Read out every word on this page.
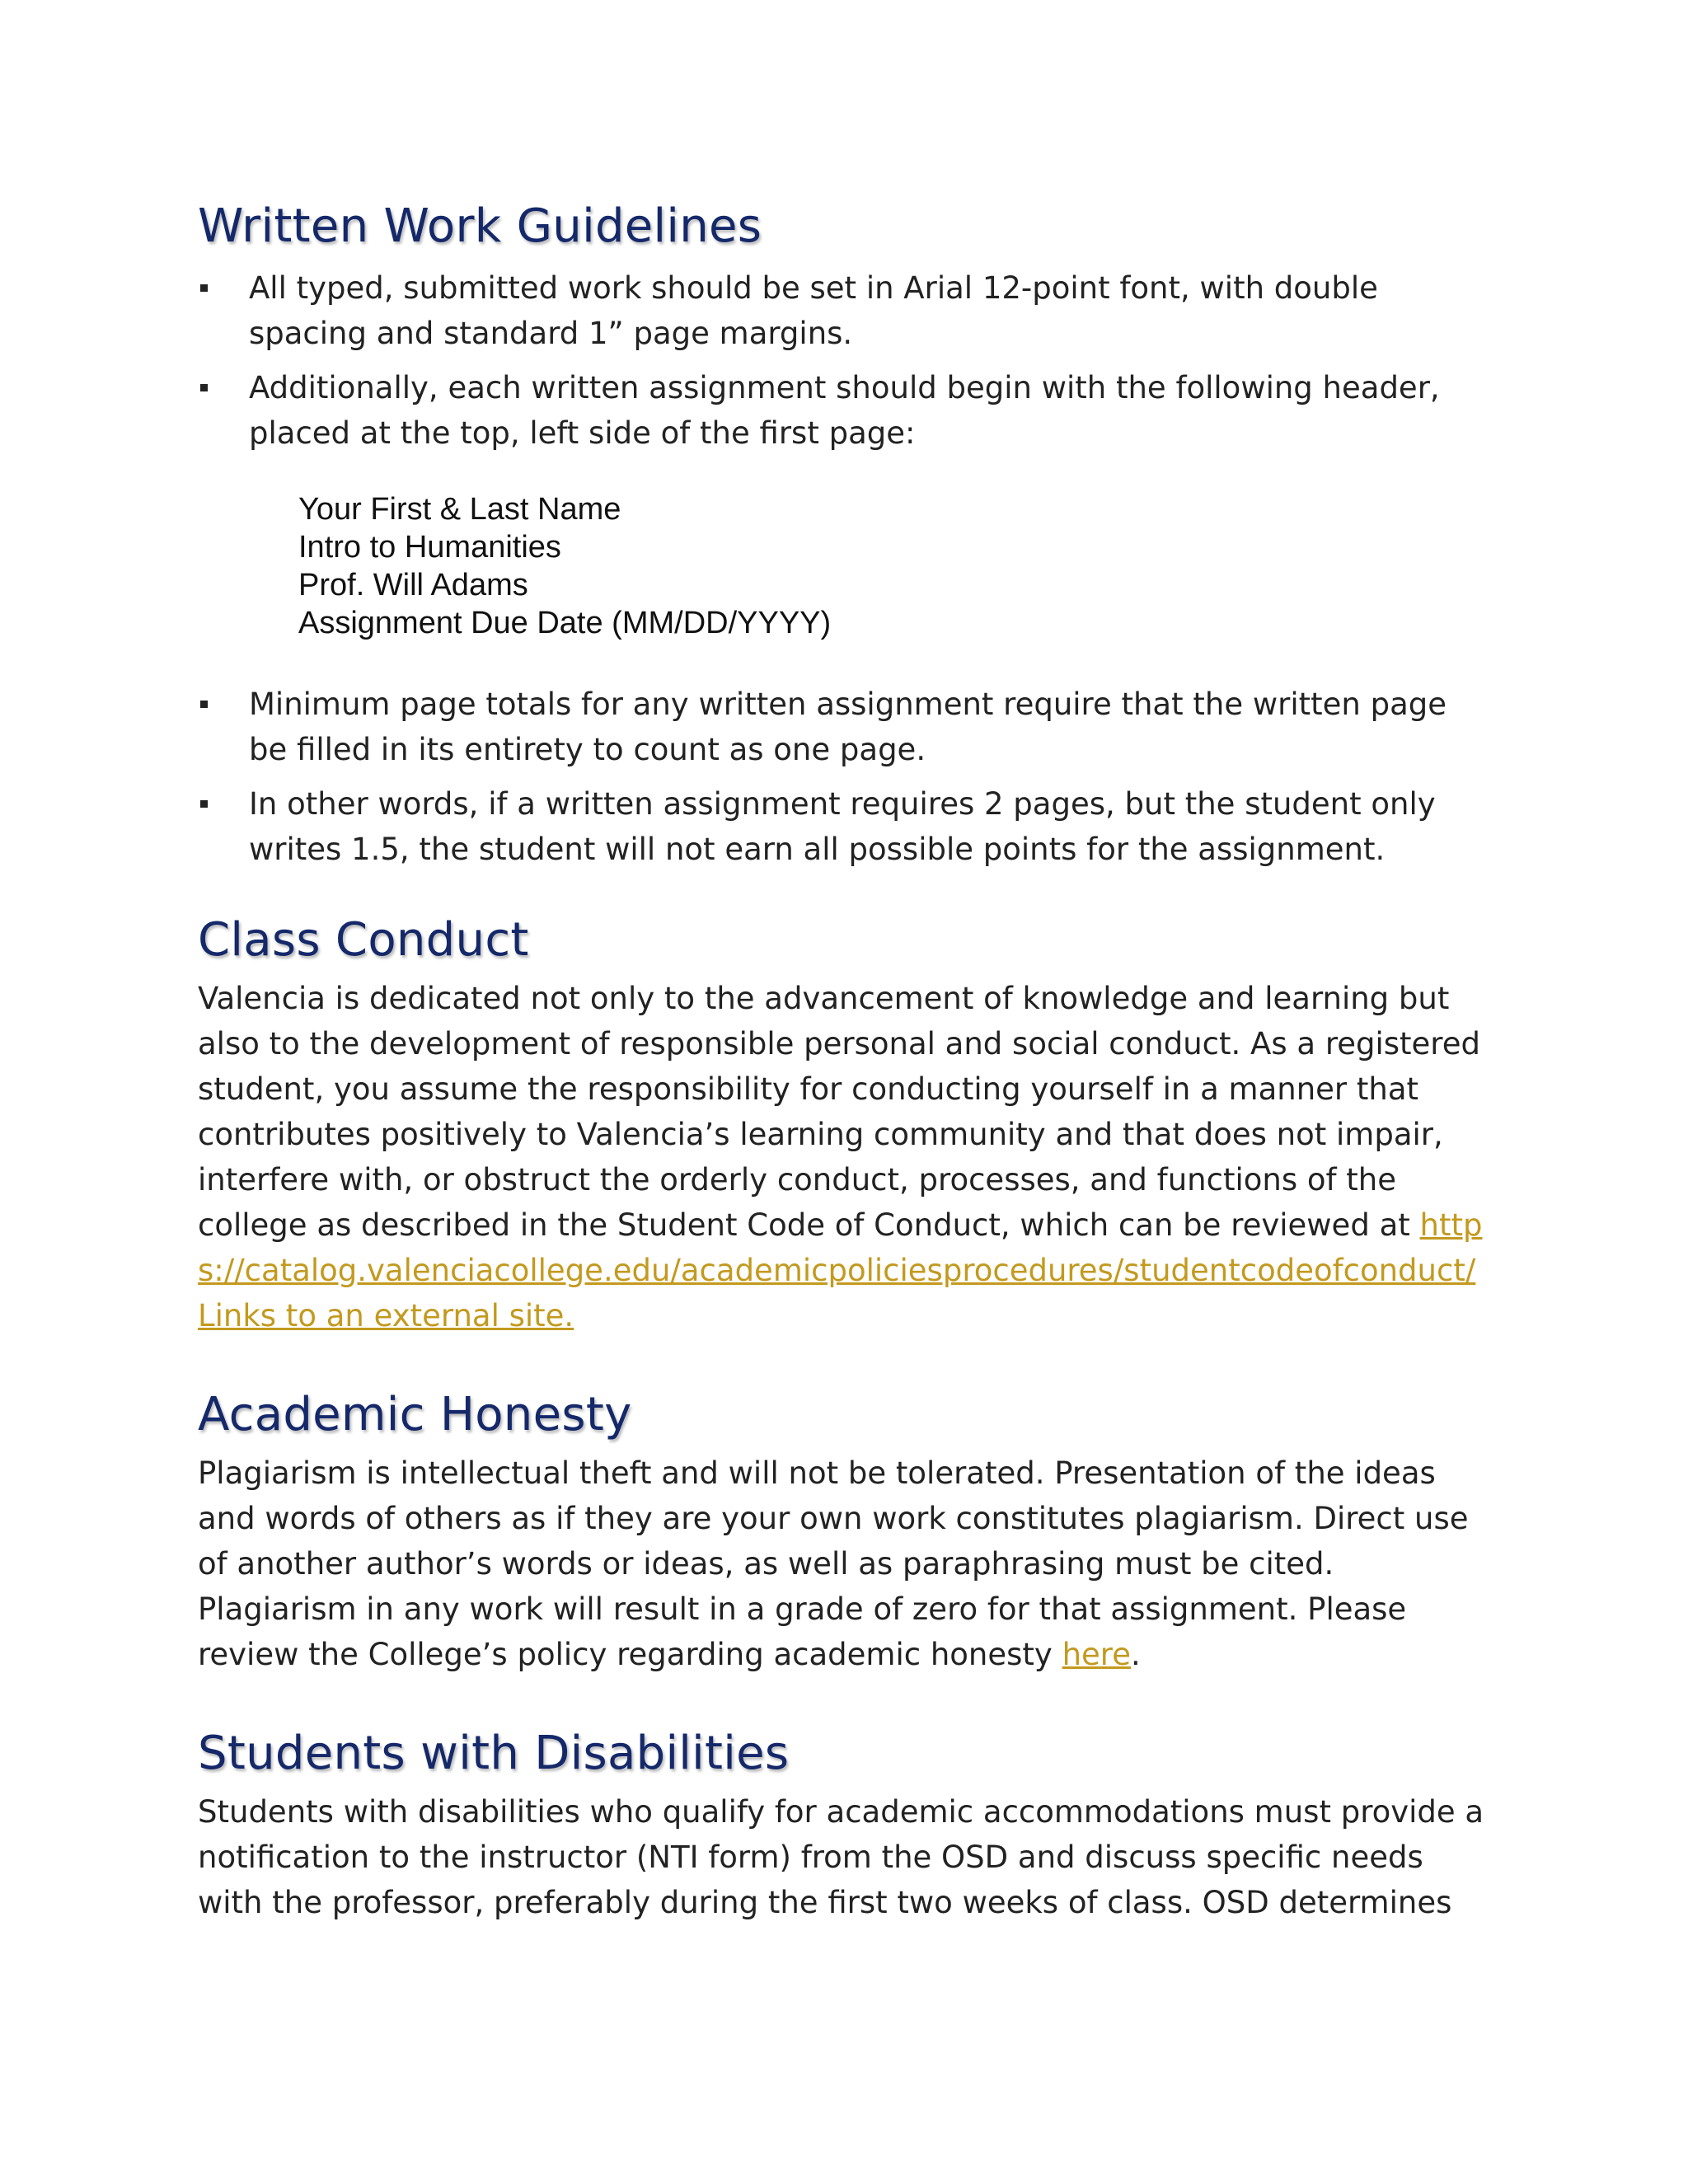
Written Work Guidelines
All typed, submitted work should be set in Arial 12-point font, with double spacing and standard 1” page margins.
Additionally, each written assignment should begin with the following header, placed at the top, left side of the first page:
Your First & Last Name
Intro to Humanities
Prof. Will Adams
Assignment Due Date (MM/DD/YYYY)
Minimum page totals for any written assignment require that the written page be filled in its entirety to count as one page.
In other words, if a written assignment requires 2 pages, but the student only writes 1.5, the student will not earn all possible points for the assignment.
Class Conduct

Valencia is dedicated not only to the advancement of knowledge and learning but also to the development of responsible personal and social conduct. As a registered student, you assume the responsibility for conducting yourself in a manner that contributes positively to Valencia’s learning community and that does not impair, interfere with, or obstruct the orderly conduct, processes, and functions of the college as described in the Student Code of Conduct, which can be reviewed at https://catalog.valenciacollege.edu/academicpoliciesprocedures/studentcodeofconduct/Links to an external site.

Academic Honesty

Plagiarism is intellectual theft and will not be tolerated. Presentation of the ideas and words of others as if they are your own work constitutes plagiarism. Direct use of another author’s words or ideas, as well as paraphrasing must be cited. Plagiarism in any work will result in a grade of zero for that assignment. Please review the College’s policy regarding academic honesty here.

Students with Disabilities

Students with disabilities who qualify for academic accommodations must provide a notification to the instructor (NTI form) from the OSD and discuss specific needs with the professor, preferably during the first two weeks of class. OSD determines
